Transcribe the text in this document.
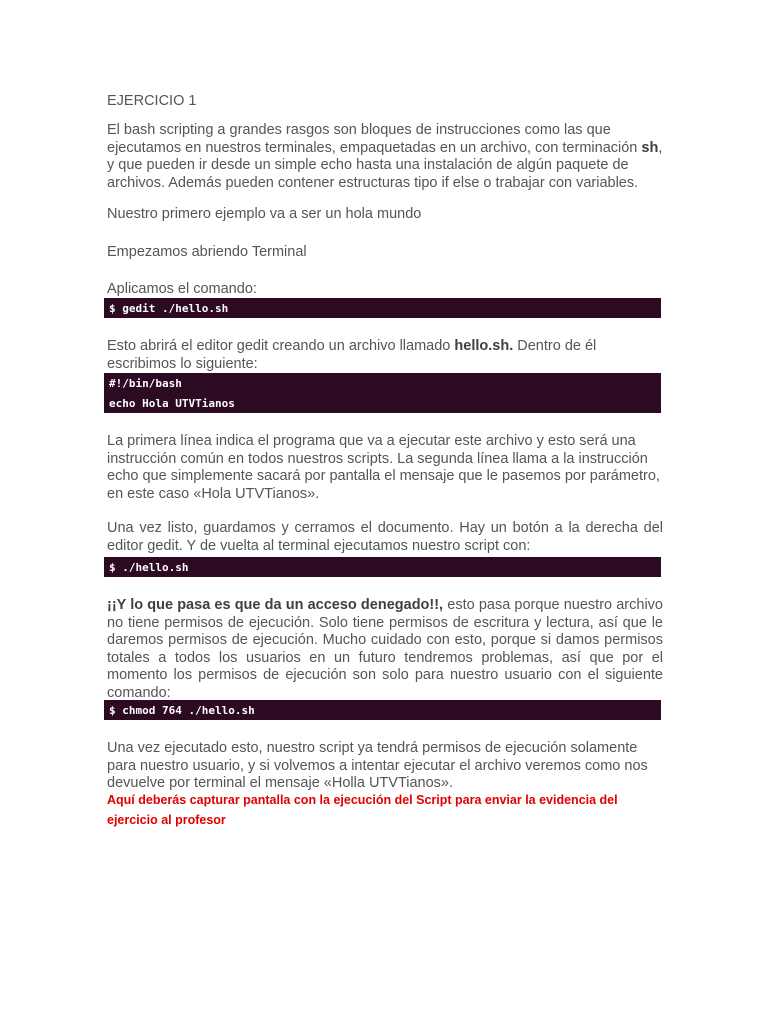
EJERCICIO 1

El bash scripting a grandes rasgos son bloques de instrucciones como las que ejecutamos en nuestros terminales, empaquetadas en un archivo, con terminación sh, y que pueden ir desde un simple echo hasta una instalación de algún paquete de archivos. Además pueden contener estructuras tipo if else o trabajar con variables.

Nuestro primero ejemplo va a ser un hola mundo

Empezamos abriendo Terminal

Aplicamos el comando:

$ gedit ./hello.sh

Esto abrirá el editor gedit creando un archivo llamado hello.sh. Dentro de él escribimos lo siguiente:

#!/bin/bash
echo Hola UTVTianos

La primera línea indica el programa que va a ejecutar este archivo y esto será una instrucción común en todos nuestros scripts. La segunda línea llama a la instrucción echo que simplemente sacará por pantalla el mensaje que le pasemos por parámetro, en este caso «Hola UTVTianos».

Una vez listo, guardamos y cerramos el documento. Hay un botón a la derecha del editor gedit. Y de vuelta al terminal ejecutamos nuestro script con:

$ ./hello.sh

¡¡Y lo que pasa es que da un acceso denegado!!, esto pasa porque nuestro archivo no tiene permisos de ejecución. Solo tiene permisos de escritura y lectura, así que le daremos permisos de ejecución. Mucho cuidado con esto, porque si damos permisos totales a todos los usuarios en un futuro tendremos problemas, así que por el momento los permisos de ejecución son solo para nuestro usuario con el siguiente comando:

$ chmod 764 ./hello.sh

Una vez ejecutado esto, nuestro script ya tendrá permisos de ejecución solamente para nuestro usuario, y si volvemos a intentar ejecutar el archivo veremos como nos devuelve por terminal el mensaje «Holla UTVTianos».

Aquí deberás capturar pantalla con la ejecución del Script para enviar la evidencia del ejercicio al profesor
